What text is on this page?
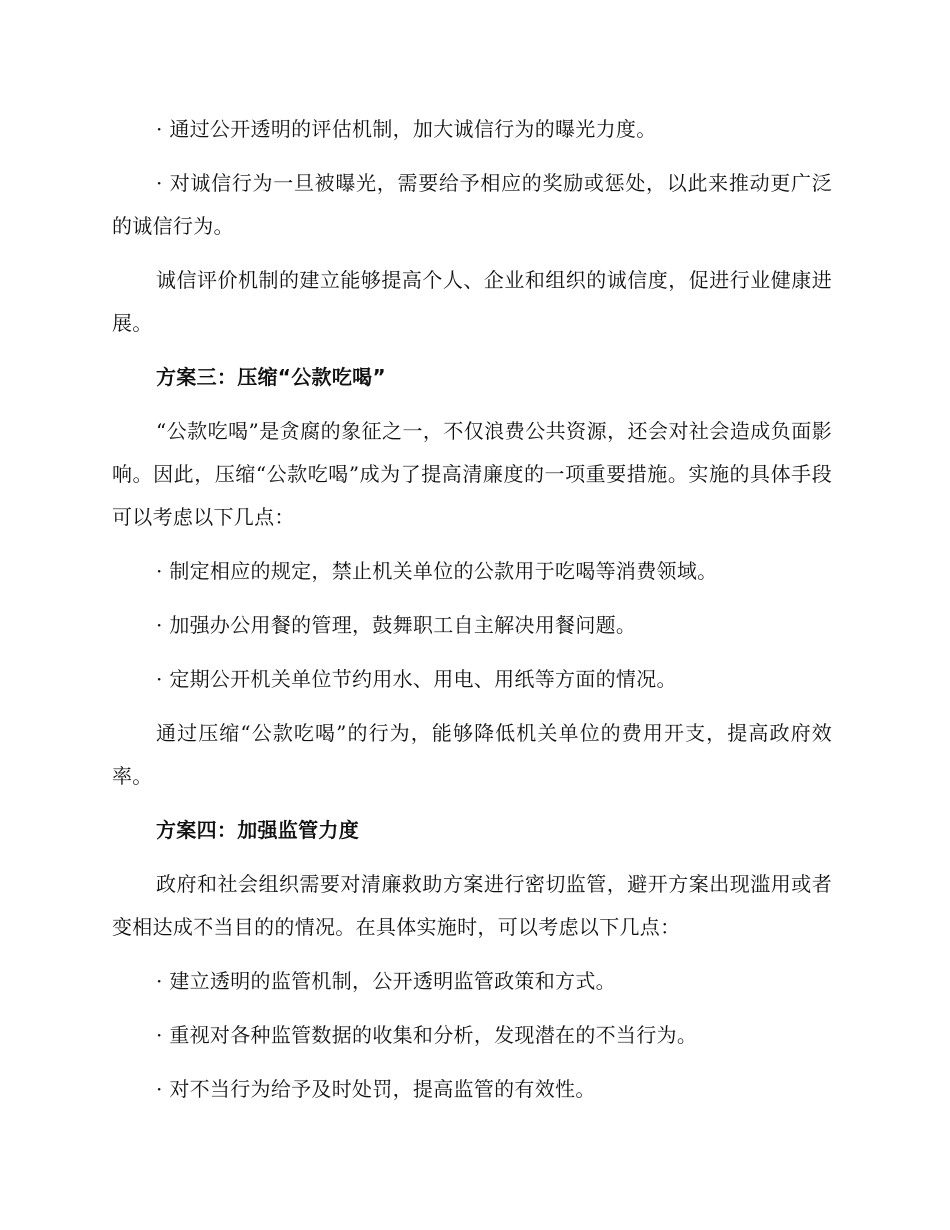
· 通过公开透明的评估机制，加大诚信行为的曝光力度。

· 对诚信行为一旦被曝光，需要给予相应的奖励或惩处，以此来推动更广泛的诚信行为。

诚信评价机制的建立能够提高个人、企业和组织的诚信度，促进行业健康进展。

方案三：压缩“公款吃喝”

“公款吃喝”是贪腐的象征之一，不仅浪费公共资源，还会对社会造成负面影响。因此，压缩“公款吃喝”成为了提高清廉度的一项重要措施。实施的具体手段可以考虑以下几点：

· 制定相应的规定，禁止机关单位的公款用于吃喝等消费领域。

· 加强办公用餐的管理，鼓舞职工自主解决用餐问题。

· 定期公开机关单位节约用水、用电、用纸等方面的情况。

通过压缩“公款吃喝”的行为，能够降低机关单位的费用开支，提高政府效率。

方案四：加强监管力度

政府和社会组织需要对清廉救助方案进行密切监管，避开方案出现滥用或者变相达成不当目的的情况。在具体实施时，可以考虑以下几点：

· 建立透明的监管机制，公开透明监管政策和方式。

· 重视对各种监管数据的收集和分析，发现潜在的不当行为。

· 对不当行为给予及时处罚，提高监管的有效性。
